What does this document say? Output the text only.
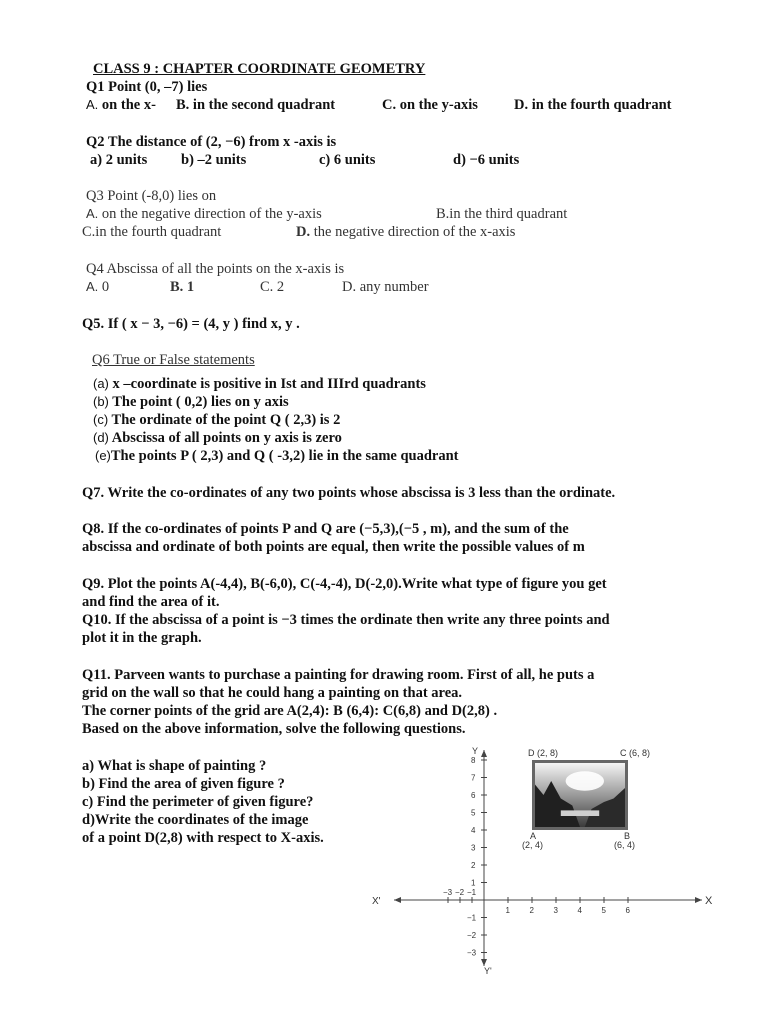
CLASS 9 : CHAPTER COORDINATE GEOMETRY
Q1 Point (0, –7) lies
A. on the x- B. in the second quadrant	C. on the y-axis D. in the fourth quadrant
Q2 The distance of (2, −6) from x -axis is
a) 2 units b) –2 units	c) 6 units	d) −6 units
Q3 Point (-8,0) lies on
A. on the negative direction of the y-axis	B.in the third quadrant
C.in the fourth quadrant	D. the negative direction of the x-axis
Q4 Abscissa of all the points on the x-axis is
A. 0	B. 1	C. 2	D. any number
Q5. If ( x − 3, −6) = (4, y ) find x, y .
Q6 True or False statements
(a) x –coordinate is positive in Ist and IIIrd quadrants
(b) The point ( 0,2) lies on y axis
(c) The ordinate of the point Q ( 2,3) is 2
(d) Abscissa of all points on y axis is zero
(e)The points P ( 2,3) and Q ( -3,2) lie in the same quadrant
Q7. Write the co-ordinates of any two points whose abscissa is 3 less than the ordinate.
Q8. If the co-ordinates of points P and Q are (−5,3),(−5 , m), and the sum of the
abscissa and ordinate of both points are equal, then write the possible values of m
Q9. Plot the points A(-4,4), B(-6,0), C(-4,-4), D(-2,0).Write what type of figure you get
and find the area of it.
Q10. If the abscissa of a point is −3 times the ordinate then write any three points and
plot it in the graph.
Q11. Parveen wants to purchase a painting for drawing room. First of all, he puts a
grid on the wall so that he could hang a painting on that area.
The corner points of the grid are A(2,4): B (6,4): C(6,8) and D(2,8) .
Based on the above information, solve the following questions.
a) What is shape of painting ?
b) Find the area of given figure ?
c) Find the perimeter of given figure?
d)Write the coordinates of the image
of a point D(2,8) with respect to X-axis.
X
X'
Y
Y'
1 2 3 4 5 6
−3 −2 −1
1
2
3
4
5
6
7
8
−1
−2
−3
D (2, 8)	C (6, 8)
A
(2, 4)
B
(6, 4)
